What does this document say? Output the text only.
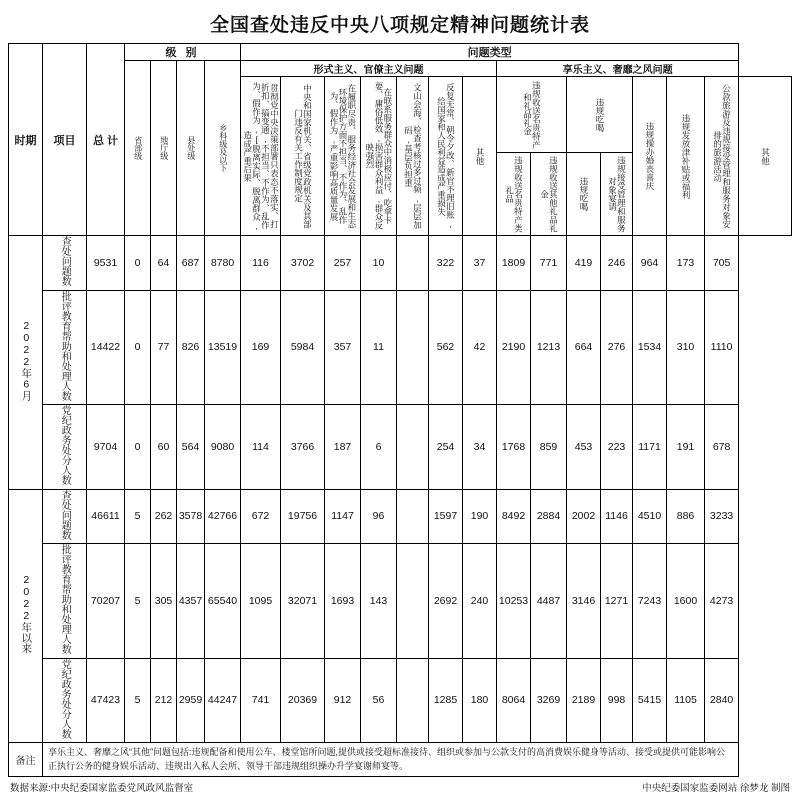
全国查处违反中央八项规定精神问题统计表
时期	项目	总 计	级 别				问题类型														

			省部级	地厅级	县处级	乡科级及以下	形式主义、官僚主义问题							享乐主义、奢靡之风问题							

							贯彻党中央决策部署只表态不落实、打折扣、搞变通,不担当、不作为、乱作为、假作为,[脱离实际、脱离群众,造成严重后果	中央和国家机关、省级党政机关及其部门违反有关工作制度规定	在履职尽责、服务经济社会发展和生态环境保护方面不担当、不作为、乱作为、假作为,严重影响高质量发展	在联系服务群众中消极应付、吃拿卡要、庸俗低效,损害群众利益,群众反映强烈	文山会海、检查考核过多过频,层层加码,基层负担重	反复无常、朝令夕改、新官不理旧账,给国家和人民利益造成严重损失	其他	违规收送名贵特产和礼品礼金		违规吃喝		违规操办婚丧喜庆	违规发放津补贴或福利	公款旅游及违规接受管理和服务对象安排的旅游活动	其他

														违规收送名贵特产类礼品	违规收送其他礼品礼金	违规吃喝	违规接受管理和服务对象宴请				

2022年6月	查处问题数	9531	0	64	687	8780	116	3702	257	10		322	37	1809	771	419	246	964	173	705	
	批评教育帮助和处理人数	14422	0	77	826	13519	169	5984	357	11		562	42	2190	1213	664	276	1534	310	1110	
	党纪政务处分人数	9704	0	60	564	9080	114	3766	187	6		254	34	1768	859	453	223	1171	191	678	
2022年以来	查处问题数	46611	5	262	3578	42766	672	19756	1147	96		1597	190	8492	2884	2002	1146	4510	886	3233	
	批评教育帮助和处理人数	70207	5	305	4357	65540	1095	32071	1693	143		2692	240	10253	4487	3146	1271	7243	1600	4273	
	党纪政务处分人数	47423	5	212	2959	44247	741	20369	912	56		1285	180	8064	3269	2189	998	5415	1105	2840	
备注	享乐主义、奢靡之风“其他”问题包括:违规配备和使用公车、楼堂馆所问题,提供或接受超标准接待、组织或参加与公款支付的高消费娱乐健身等活动、接受或提供可能影响公正执行公务的健身娱乐活动、违规出入私人会所、领导干部违规组织操办升学宴谢师宴等。																				
数据来源:中央纪委国家监委党风政风监督室	中央纪委国家监委网站 徐梦龙 制图
